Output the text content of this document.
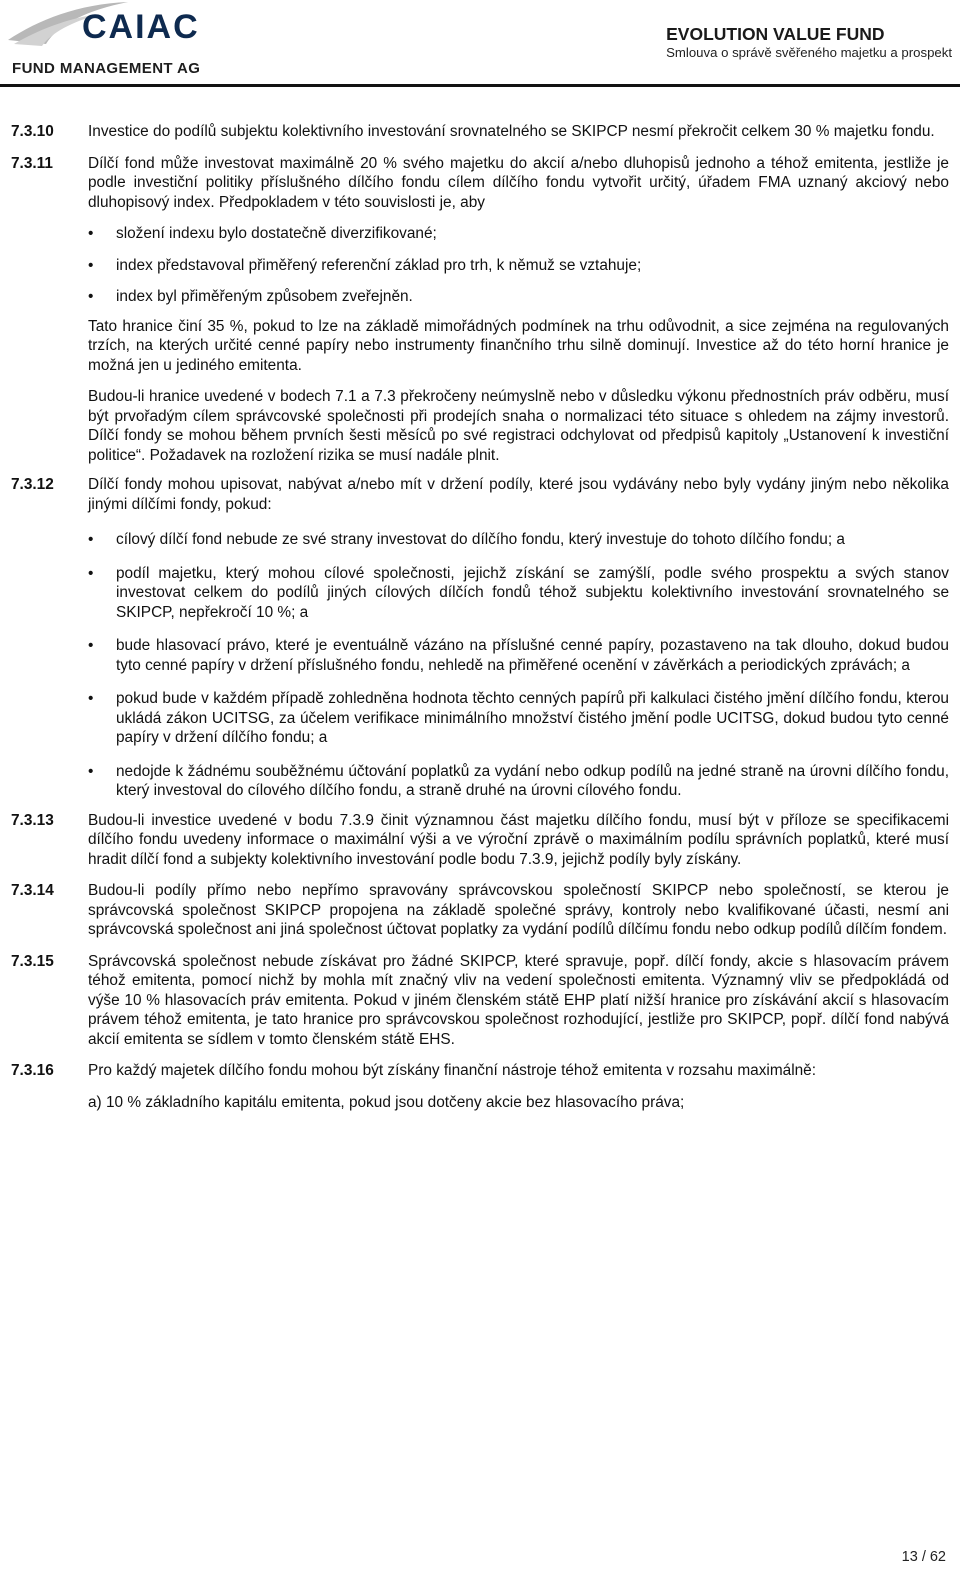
CAIAC
FUND MANAGEMENT AG
EVOLUTION VALUE FUND
Smlouva o správě svěřeného majetku a prospekt
7.3.10 Investice do podílů subjektu kolektivního investování srovnatelného se SKIPCP nesmí překročit celkem 30 % majetku fondu.

7.3.11 Dílčí fond může investovat maximálně 20 % svého majetku do akcií a/nebo dluhopisů jednoho a téhož emitenta, jestliže je podle investiční politiky příslušného dílčího fondu cílem dílčího fondu vytvořit určitý, úřadem FMA uznaný akciový nebo dluhopisový index. Předpokladem v této souvislosti je, aby

• složení indexu bylo dostatečně diverzifikované;
• index představoval přiměřený referenční základ pro trh, k němuž se vztahuje;
• index byl přiměřeným způsobem zveřejněn.

Tato hranice činí 35 %, pokud to lze na základě mimořádných podmínek na trhu odůvodnit, a sice zejména na regulovaných trzích, na kterých určité cenné papíry nebo instrumenty finančního trhu silně dominují. Investice až do této horní hranice je možná jen u jediného emitenta.

Budou-li hranice uvedené v bodech 7.1 a 7.3 překročeny neúmyslně nebo v důsledku výkonu přednostních práv odběru, musí být prvořadým cílem správcovské společnosti při prodejích snaha o normalizaci této situace s ohledem na zájmy investorů. Dílčí fondy se mohou během prvních šesti měsíců po své registraci odchylovat od předpisů kapitoly „Ustanovení k investiční politice“. Požadavek na rozložení rizika se musí nadále plnit.

7.3.12 Dílčí fondy mohou upisovat, nabývat a/nebo mít v držení podíly, které jsou vydávány nebo byly vydány jiným nebo několika jinými dílčími fondy, pokud:

• cílový dílčí fond nebude ze své strany investovat do dílčího fondu, který investuje do tohoto dílčího fondu; a
• podíl majetku, který mohou cílové společnosti, jejichž získání se zamýšlí, podle svého prospektu a svých stanov investovat celkem do podílů jiných cílových dílčích fondů téhož subjektu kolektivního investování srovnatelného se SKIPCP, nepřekročí 10 %; a
• bude hlasovací právo, které je eventuálně vázáno na příslušné cenné papíry, pozastaveno na tak dlouho, dokud budou tyto cenné papíry v držení příslušného fondu, nehledě na přiměřené ocenění v závěrkách a periodických zprávách; a
• pokud bude v každém případě zohledněna hodnota těchto cenných papírů při kalkulaci čistého jmění dílčího fondu, kterou ukládá zákon UCITSG, za účelem verifikace minimálního množství čistého jmění podle UCITSG, dokud budou tyto cenné papíry v držení dílčího fondu; a
• nedojde k žádnému souběžnému účtování poplatků za vydání nebo odkup podílů na jedné straně na úrovni dílčího fondu, který investoval do cílového dílčího fondu, a straně druhé na úrovni cílového fondu.
7.3.13 Budou-li investice uvedené v bodu 7.3.9 činit významnou část majetku dílčího fondu, musí být v příloze se specifikacemi dílčího fondu uvedeny informace o maximální výši a ve výroční zprávě o maximálním podílu správních poplatků, které musí hradit dílčí fond a subjekty kolektivního investování podle bodu 7.3.9, jejichž podíly byly získány.

7.3.14 Budou-li podíly přímo nebo nepřímo spravovány správcovskou společností SKIPCP nebo společností, se kterou je správcovská společnost SKIPCP propojena na základě společné správy, kontroly nebo kvalifikované účasti, nesmí ani správcovská společnost ani jiná společnost účtovat poplatky za vydání podílů dílčímu fondu nebo odkup podílů dílčím fondem.

7.3.15 Správcovská společnost nebude získávat pro žádné SKIPCP, které spravuje, popř. dílčí fondy, akcie s hlasovacím právem téhož emitenta, pomocí nichž by mohla mít značný vliv na vedení společnosti emitenta. Významný vliv se předpokládá od výše 10 % hlasovacích práv emitenta. Pokud v jiném členském státě EHP platí nižší hranice pro získávání akcií s hlasovacím právem téhož emitenta, je tato hranice pro správcovskou společnost rozhodující, jestliže pro SKIPCP, popř. dílčí fond nabývá akcií emitenta se sídlem v tomto členském státě EHS.

7.3.16 Pro každý majetek dílčího fondu mohou být získány finanční nástroje téhož emitenta v rozsahu maximálně:

a) 10 % základního kapitálu emitenta, pokud jsou dotčeny akcie bez hlasovacího práva;

13 / 62
